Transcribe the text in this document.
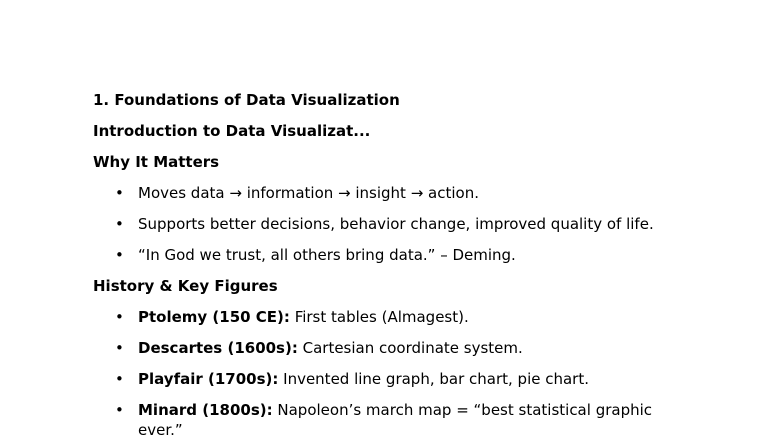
1. Foundations of Data Visualization
Introduction to Data Visualizat...
Why It Matters
• Moves data → information → insight → action.
• Supports better decisions, behavior change, improved quality of life.
• “In God we trust, all others bring data.” – Deming.
History & Key Figures
• Ptolemy (150 CE): First tables (Almagest).
• Descartes (1600s): Cartesian coordinate system.
• Playfair (1700s): Invented line graph, bar chart, pie chart.
• Minard (1800s): Napoleon’s march map = “best statistical graphic ever.”
